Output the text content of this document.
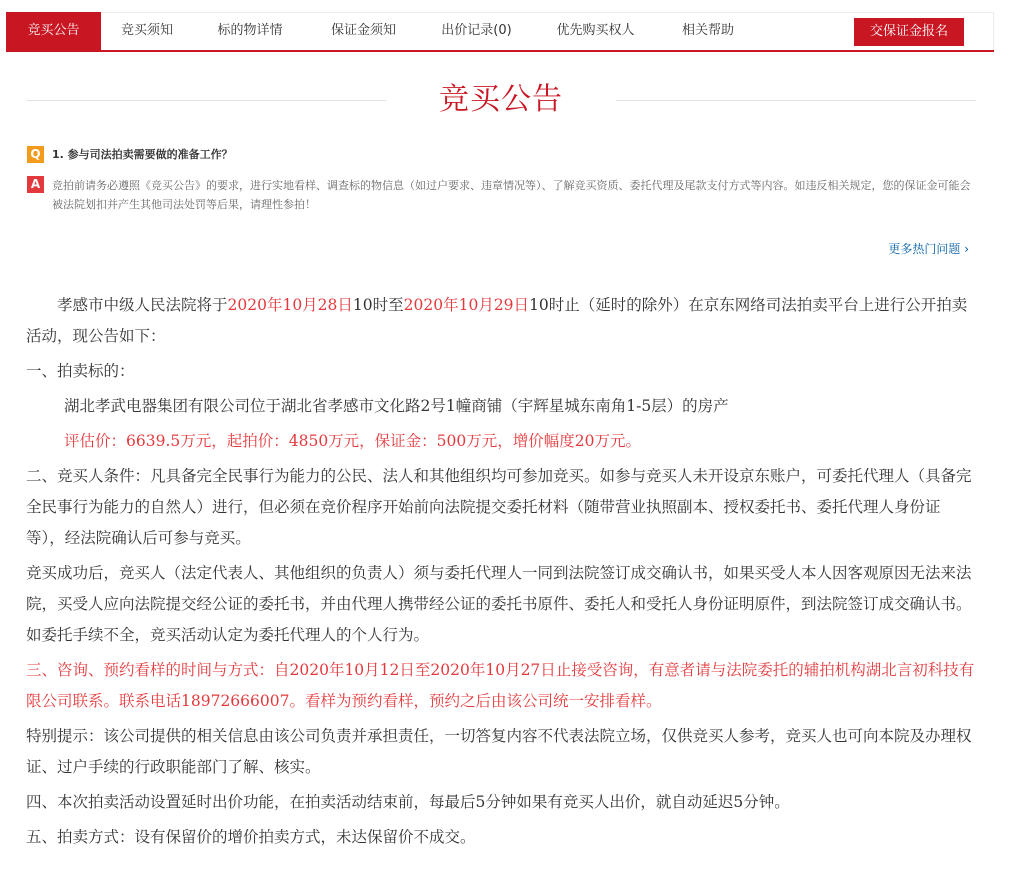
竞买公告	竞买须知	标的物详情	保证金须知	出价记录(0)	优先购买权人	相关帮助	交保证金报名
竞买公告
Q	1. 参与司法拍卖需要做的准备工作？
A	竞拍前请务必遵照《竞买公告》的要求，进行实地看样、调查标的物信息（如过户要求、违章情况等）、了解竞买资质、委托代理及尾款支付方式等内容。如违反相关规定，您的保证金可能会被法院划扣并产生其他司法处罚等后果，请理性参拍！
更多热门问题 ›

孝感市中级人民法院将于2020年10月28日10时至2020年10月29日10时止（延时的除外）在京东网络司法拍卖平台上进行公开拍卖活动，现公告如下：

一、拍卖标的：

湖北孝武电器集团有限公司位于湖北省孝感市文化路2号1幢商铺（宇辉星城东南角1-5层）的房产

评估价：6639.5万元，起拍价：4850万元，保证金：500万元，增价幅度20万元。

二、竞买人条件：凡具备完全民事行为能力的公民、法人和其他组织均可参加竞买。如参与竞买人未开设京东账户，可委托代理人（具备完全民事行为能力的自然人）进行，但必须在竞价程序开始前向法院提交委托材料（随带营业执照副本、授权委托书、委托代理人身份证等），经法院确认后可参与竞买。

竞买成功后，竞买人（法定代表人、其他组织的负责人）须与委托代理人一同到法院签订成交确认书，如果买受人本人因客观原因无法来法院，买受人应向法院提交经公证的委托书，并由代理人携带经公证的委托书原件、委托人和受托人身份证明原件，到法院签订成交确认书。如委托手续不全，竞买活动认定为委托代理人的个人行为。

三、咨询、预约看样的时间与方式：自2020年10月12日至2020年10月27日止接受咨询，有意者请与法院委托的辅拍机构湖北言初科技有限公司联系。联系电话18972666007。看样为预约看样，预约之后由该公司统一安排看样。

特别提示：该公司提供的相关信息由该公司负责并承担责任，一切答复内容不代表法院立场，仅供竞买人参考，竞买人也可向本院及办理权证、过户手续的行政职能部门了解、核实。

四、本次拍卖活动设置延时出价功能，在拍卖活动结束前，每最后5分钟如果有竞买人出价，就自动延迟5分钟。

五、拍卖方式：设有保留价的增价拍卖方式，未达保留价不成交。
